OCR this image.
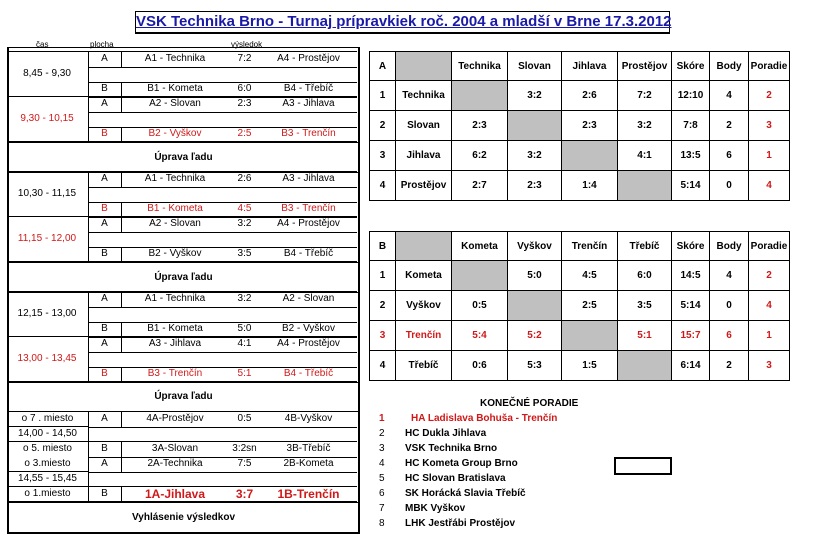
VSK Technika Brno - Turnaj prípravkiek roč. 2004 a mladší v Brne 17.3.2012
čas	plocha	výsledok
8,45 - 9,30
A	A1 - Technika	7:2	A4 - Prostějov
B	B1 - Kometa	6:0	B4 - Třebíč
9,30 - 10,15
A	A2 - Slovan	2:3	A3 - Jihlava
B	B2 - Vyškov	2:5	B3 - Trenčín
10,30 - 11,15
A	A1 - Technika	2:6	A3 - Jihlava
B	B1 - Kometa	4:5	B3 - Trenčín
11,15 - 12,00
A	A2 - Slovan	3:2	A4 - Prostějov
B	B2 - Vyškov	3:5	B4 - Třebíč
12,15 - 13,00
A	A1 - Technika	3:2	A2 - Slovan
B	B1 - Kometa	5:0	B2 - Vyškov
13,00 - 13,45
A	A3 - Jihlava	4:1	A4 - Prostějov
B	B3 - Trenčín	5:1	B4 - Třebíč
Úprava ľadu
Úprava ľadu
Úprava ľadu
Vyhlásenie výsledkov
o 7 . miesto	A	4A-Prostějov	0:5	4B-Vyškov
14,00 - 14,50
o 5. miesto	B	3A-Slovan	3:2sn	3B-Třebíč
o 3.miesto	A	2A-Technika	7:5	2B-Kometa
14,55 - 15,45
o 1.miesto	B	1A-Jihlava	3:7	1B-Trenčín
A		Technika	Slovan	Jihlava	Prostějov	Skóre	Body	Poradie
1	Technika		3:2	2:6	7:2	12:10	4	2
2	Slovan	2:3		2:3	3:2	7:8	2	3
3	Jihlava	6:2	3:2		4:1	13:5	6	1
4	Prostějov	2:7	2:3	1:4		5:14	0	4
B		Kometa	Vyškov	Trenčín	Třebíč	Skóre	Body	Poradie
1	Kometa		5:0	4:5	6:0	14:5	4	2
2	Vyškov	0:5		2:5	3:5	5:14	0	4
3	Trenčín	5:4	5:2		5:1	15:7	6	1
4	Třebíč	0:6	5:3	1:5		6:14	2	3
KONEČNÉ PORADIE
1	HA Ladislava Bohuša - Trenčín
2 HC Dukla Jihlava
3 VSK Technika Brno
4 HC Kometa Group Brno
5 HC Slovan Bratislava
6 SK Horácká Slavia Třebíč
7 MBK Vyškov
8 LHK Jestřábi Prostějov
